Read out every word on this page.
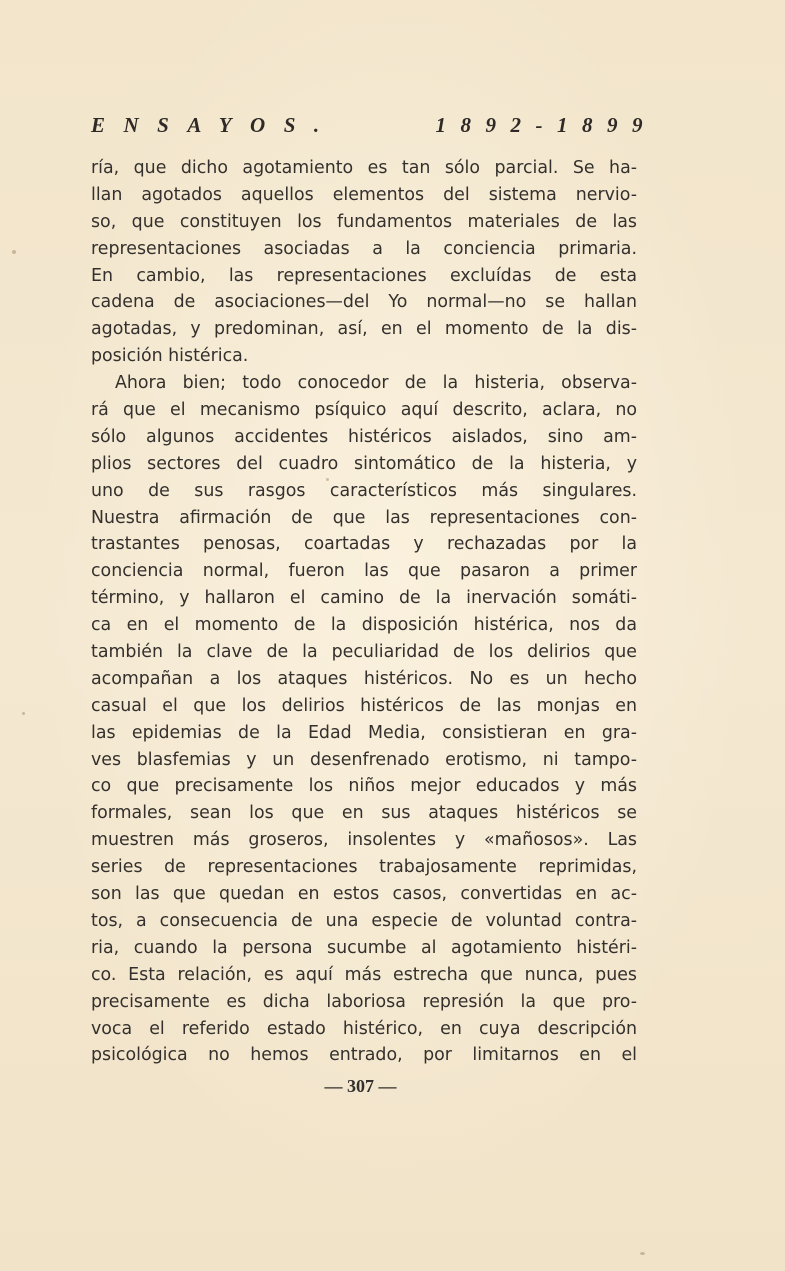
ENSAYOS.	1892-1899
ría, que dicho agotamiento es tan sólo parcial. Se ha-
llan agotados aquellos elementos del sistema nervio-
so, que constituyen los fundamentos materiales de las
representaciones asociadas a la conciencia primaria.
En cambio, las representaciones excluídas de esta
cadena de asociaciones—del Yo normal—no se hallan
agotadas, y predominan, así, en el momento de la dis-
posición histérica.
Ahora bien; todo conocedor de la histeria, observa-
rá que el mecanismo psíquico aquí descrito, aclara, no
sólo algunos accidentes histéricos aislados, sino am-
plios sectores del cuadro sintomático de la histeria, y
uno de sus rasgos característicos más singulares.
Nuestra afirmación de que las representaciones con-
trastantes penosas, coartadas y rechazadas por la
conciencia normal, fueron las que pasaron a primer
término, y hallaron el camino de la inervación somáti-
ca en el momento de la disposición histérica, nos da
también la clave de la peculiaridad de los delirios que
acompañan a los ataques histéricos. No es un hecho
casual el que los delirios histéricos de las monjas en
las epidemias de la Edad Media, consistieran en gra-
ves blasfemias y un desenfrenado erotismo, ni tampo-
co que precisamente los niños mejor educados y más
formales, sean los que en sus ataques histéricos se
muestren más groseros, insolentes y «mañosos». Las
series de representaciones trabajosamente reprimidas,
son las que quedan en estos casos, convertidas en ac-
tos, a consecuencia de una especie de voluntad contra-
ria, cuando la persona sucumbe al agotamiento histéri-
co. Esta relación, es aquí más estrecha que nunca, pues
precisamente es dicha laboriosa represión la que pro-
voca el referido estado histérico, en cuya descripción
psicológica no hemos entrado, por limitarnos en el
— 307 —
